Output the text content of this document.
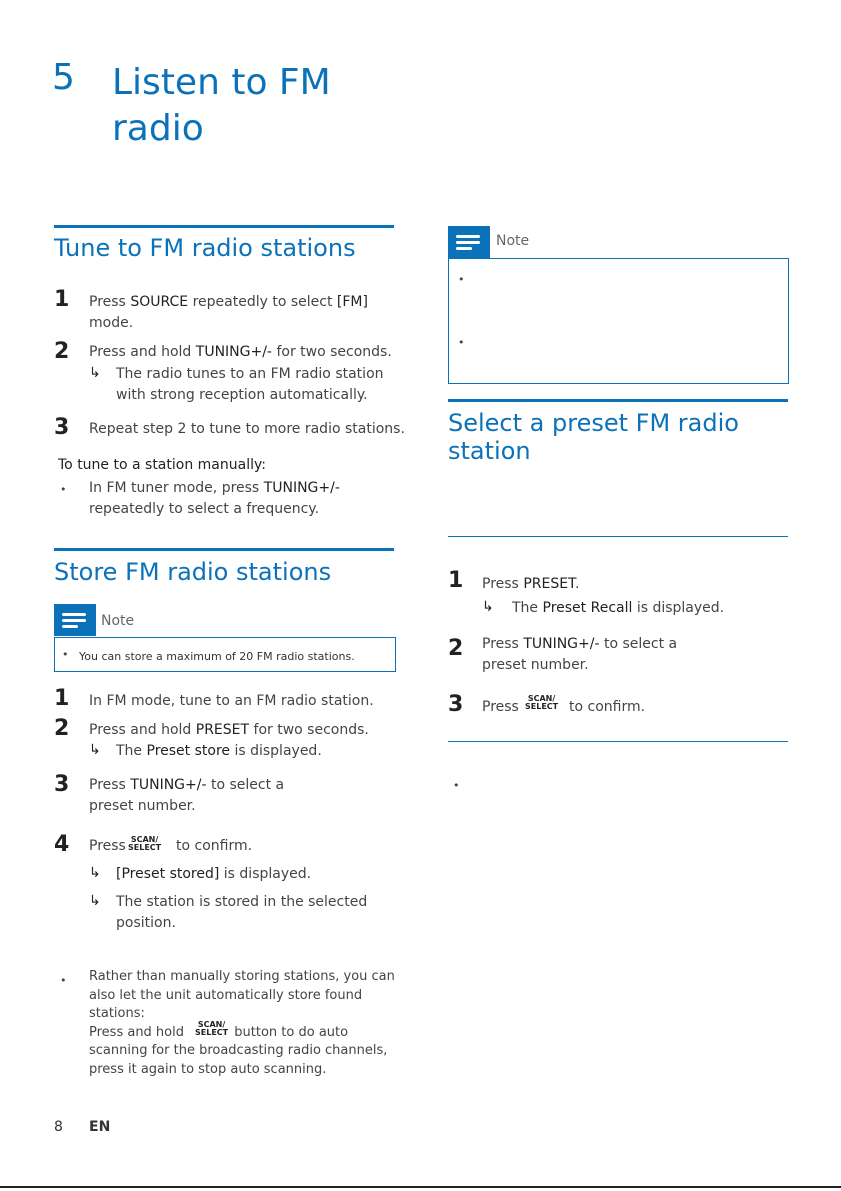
5 Listen to FM radio
Tune to FM radio stations
1	Press SOURCE repeatedly to select [FM]
mode.
2	Press and hold TUNING+/- for two seconds.
↳ The radio tunes to an FM radio station
with strong reception automatically.
3	Repeat step 2 to tune to more radio stations.
To tune to a station manually:
• In FM tuner mode, press TUNING+/-
repeatedly to select a frequency.
Store FM radio stations
Note
• You can store a maximum of 20 FM radio stations.
1	In FM mode, tune to an FM radio station.
2	Press and hold PRESET for two seconds.
↳ The Preset store is displayed.
3	Press TUNING+/- to select a
preset number.
4	Press SCAN/
SELECT to confirm.
↳ [Preset stored] is displayed.
↳ The station is stored in the selected
position.
• Rather than manually storing stations, you can
also let the unit automatically store found
stations:
Press and hold	button to do auto
scanning for the broadcasting radio channels,
press it again to stop auto scanning.
SCAN/
SELECT
Note
•
•
Select a preset FM radio
station
1	Press PRESET.
↳ The Preset Recall is displayed.
2	Press TUNING+/- to select a
preset number.
3	Press
SCAN/
SELECT to confirm.
•
8 EN
